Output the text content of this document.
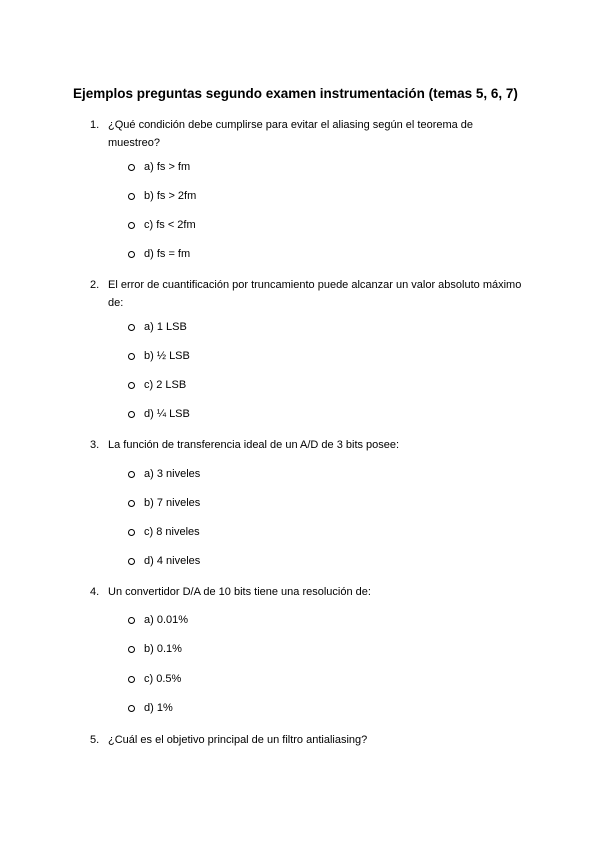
Ejemplos preguntas segundo examen instrumentación (temas 5, 6, 7)
1. ¿Qué condición debe cumplirse para evitar el aliasing según el teorema de muestreo?
a) fs > fm
b) fs > 2fm
c) fs < 2fm
d) fs = fm
2. El error de cuantificación por truncamiento puede alcanzar un valor absoluto máximo de:
a) 1 LSB
b) ½ LSB
c) 2 LSB
d) ¼ LSB
3. La función de transferencia ideal de un A/D de 3 bits posee:
a) 3 niveles
b) 7 niveles
c) 8 niveles
d) 4 niveles
4. Un convertidor D/A de 10 bits tiene una resolución de:
a) 0.01%
b) 0.1%
c) 0.5%
d) 1%
5. ¿Cuál es el objetivo principal de un filtro antialiasing?
